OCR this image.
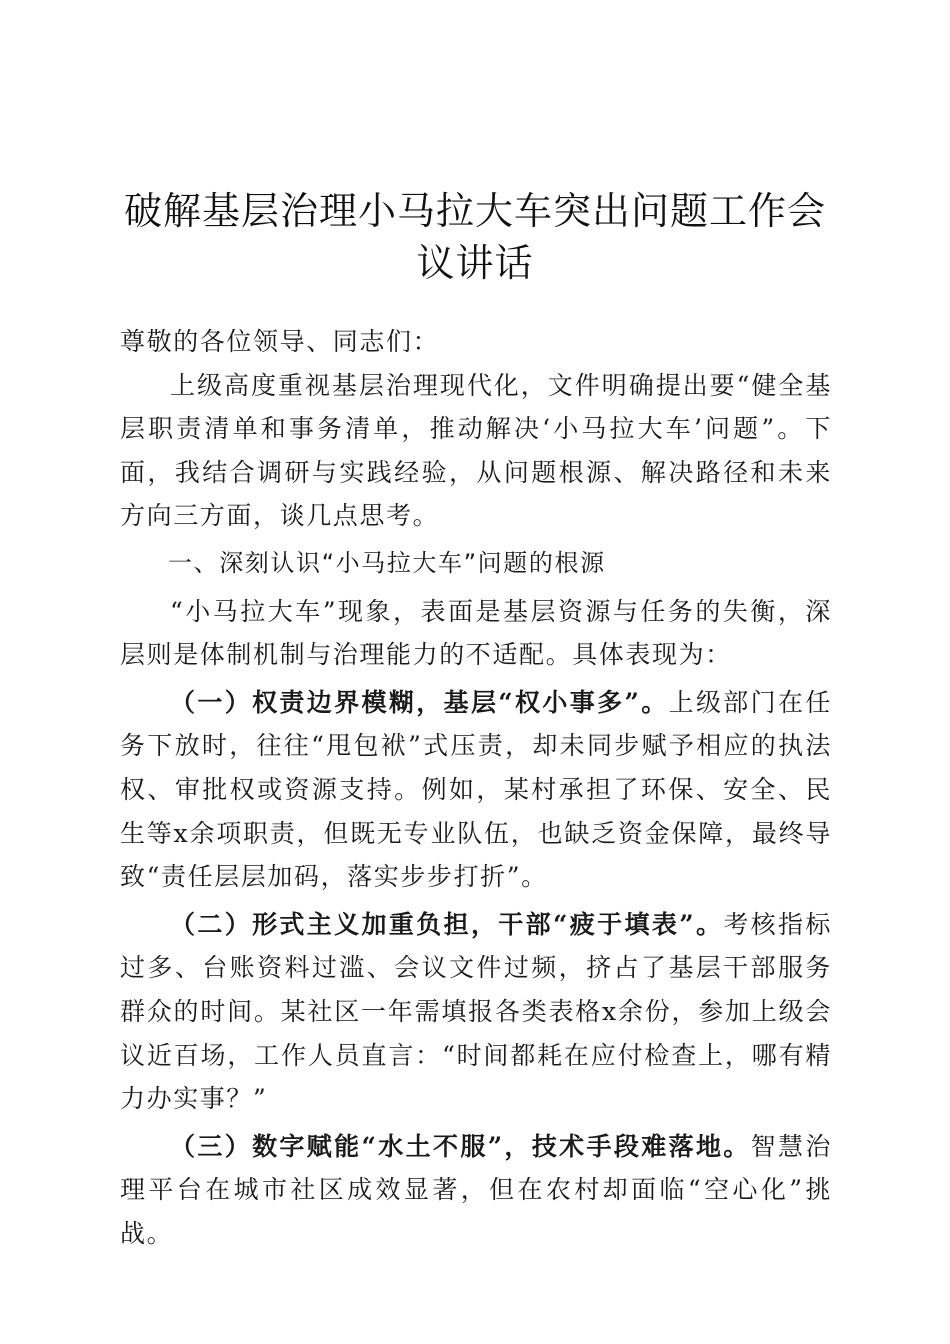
破解基层治理小马拉大车突出问题工作会议讲话

尊敬的各位领导、同志们：

上级高度重视基层治理现代化，文件明确提出要“健全基层职责清单和事务清单，推动解决‘小马拉大车’问题”。下面，我结合调研与实践经验，从问题根源、解决路径和未来方向三方面，谈几点思考。

一、深刻认识“小马拉大车”问题的根源

“小马拉大车”现象，表面是基层资源与任务的失衡，深层则是体制机制与治理能力的不适配。具体表现为：

（一）权责边界模糊，基层“权小事多”。上级部门在任务下放时，往往“甩包袱”式压责，却未同步赋予相应的执法权、审批权或资源支持。例如，某村承担了环保、安全、民生等x余项职责，但既无专业队伍，也缺乏资金保障，最终导致“责任层层加码，落实步步打折”。

（二）形式主义加重负担，干部“疲于填表”。考核指标过多、台账资料过滥、会议文件过频，挤占了基层干部服务群众的时间。某社区一年需填报各类表格x余份，参加上级会议近百场，工作人员直言：“时间都耗在应付检查上，哪有精力办实事？”

（三）数字赋能“水土不服”，技术手段难落地。智慧治理平台在城市社区成效显著，但在农村却面临“空心化”挑战。
